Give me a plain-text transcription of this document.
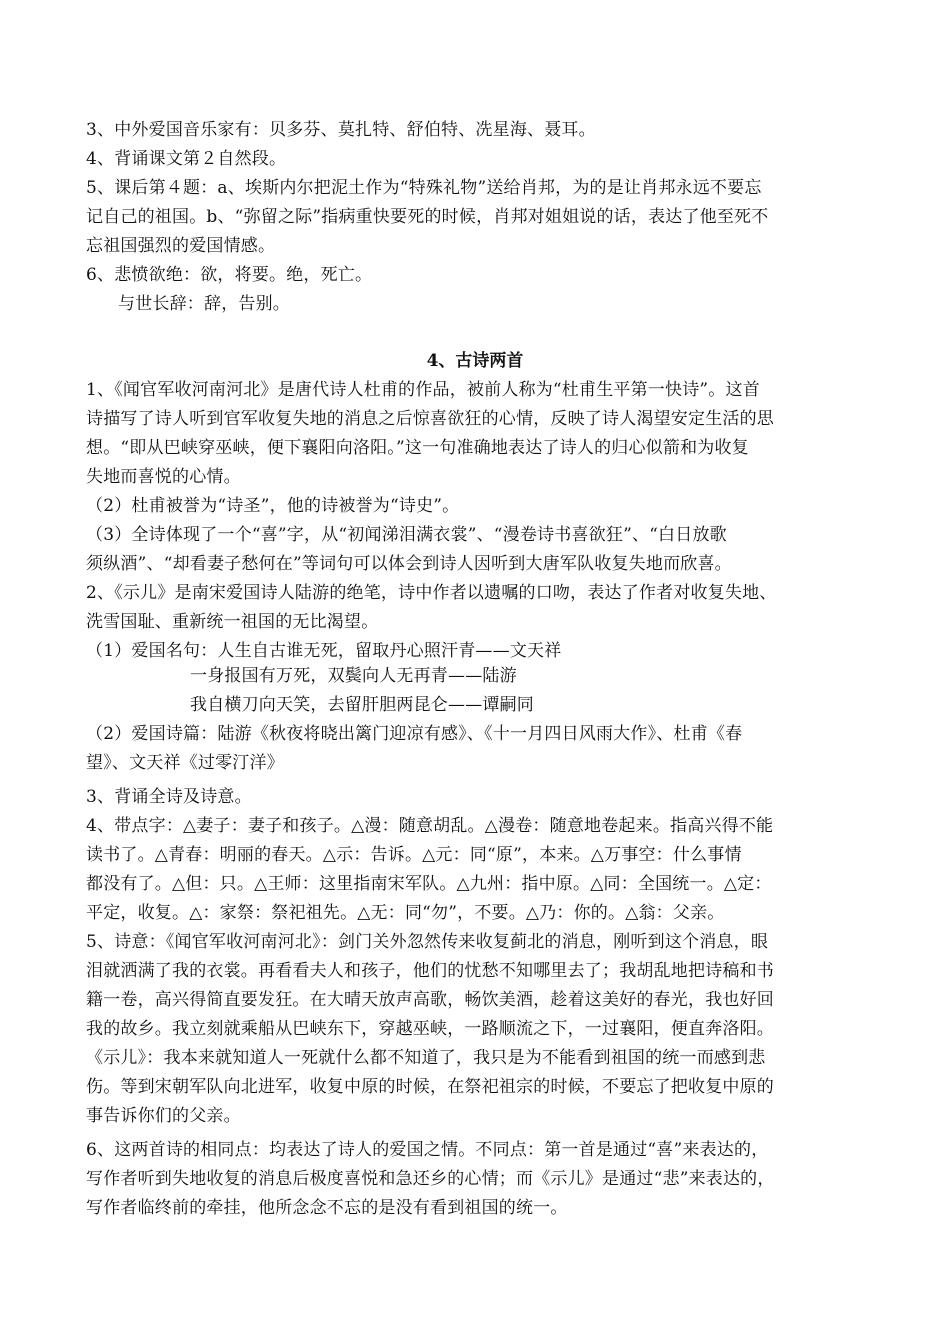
3、中外爱国音乐家有：贝多芬、莫扎特、舒伯特、冼星海、聂耳。
4、背诵课文第２自然段。
5、课后第４题：a、埃斯内尔把泥土作为“特殊礼物”送给肖邦，为的是让肖邦永远不要忘
记自己的祖国。b、“弥留之际”指病重快要死的时候，肖邦对姐姐说的话，表达了他至死不
忘祖国强烈的爱国情感。
6、悲愤欲绝：欲，将要。绝，死亡。
与世长辞：辞，告别。
4、古诗两首
1、《闻官军收河南河北》是唐代诗人杜甫的作品，被前人称为“杜甫生平第一快诗”。这首
诗描写了诗人听到官军收复失地的消息之后惊喜欲狂的心情，反映了诗人渴望安定生活的思
想。“即从巴峡穿巫峡，便下襄阳向洛阳。”这一句准确地表达了诗人的归心似箭和为收复
失地而喜悦的心情。
（2）杜甫被誉为“诗圣”，他的诗被誉为“诗史”。
（3）全诗体现了一个“喜”字，从“初闻涕泪满衣裳”、“漫卷诗书喜欲狂”、“白日放歌
须纵酒”、“却看妻子愁何在”等词句可以体会到诗人因听到大唐军队收复失地而欣喜。
2、《示儿》是南宋爱国诗人陆游的绝笔，诗中作者以遗嘱的口吻，表达了作者对收复失地、
洗雪国耻、重新统一祖国的无比渴望。
（1）爱国名句：人生自古谁无死，留取丹心照汗青——文天祥
一身报国有万死，双鬓向人无再青——陆游
我自横刀向天笑，去留肝胆两昆仑——谭嗣同
（2）爱国诗篇：陆游《秋夜将晓出篱门迎凉有感》、《十一月四日风雨大作》、杜甫《春
望》、文天祥《过零汀洋》
3、背诵全诗及诗意。
4、带点字：△妻子：妻子和孩子。△漫：随意胡乱。△漫卷：随意地卷起来。指高兴得不能
读书了。△青春：明丽的春天。△示：告诉。△元：同“原”，本来。△万事空：什么事情
都没有了。△但：只。△王师：这里指南宋军队。△九州：指中原。△同：全国统一。△定：
平定，收复。△：家祭：祭祀祖先。△无：同“勿”，不要。△乃：你的。△翁：父亲。
5、诗意：《闻官军收河南河北》：剑门关外忽然传来收复蓟北的消息，刚听到这个消息，眼
泪就洒满了我的衣裳。再看看夫人和孩子，他们的忧愁不知哪里去了；我胡乱地把诗稿和书
籍一卷，高兴得简直要发狂。在大晴天放声高歌，畅饮美酒，趁着这美好的春光，我也好回
我的故乡。我立刻就乘船从巴峡东下，穿越巫峡，一路顺流之下，一过襄阳，便直奔洛阳。
《示儿》：我本来就知道人一死就什么都不知道了，我只是为不能看到祖国的统一而感到悲
伤。等到宋朝军队向北进军，收复中原的时候，在祭祀祖宗的时候，不要忘了把收复中原的
事告诉你们的父亲。
6、这两首诗的相同点：均表达了诗人的爱国之情。不同点：第一首是通过“喜”来表达的，
写作者听到失地收复的消息后极度喜悦和急还乡的心情；而《示儿》是通过“悲”来表达的，
写作者临终前的牵挂，他所念念不忘的是没有看到祖国的统一。
